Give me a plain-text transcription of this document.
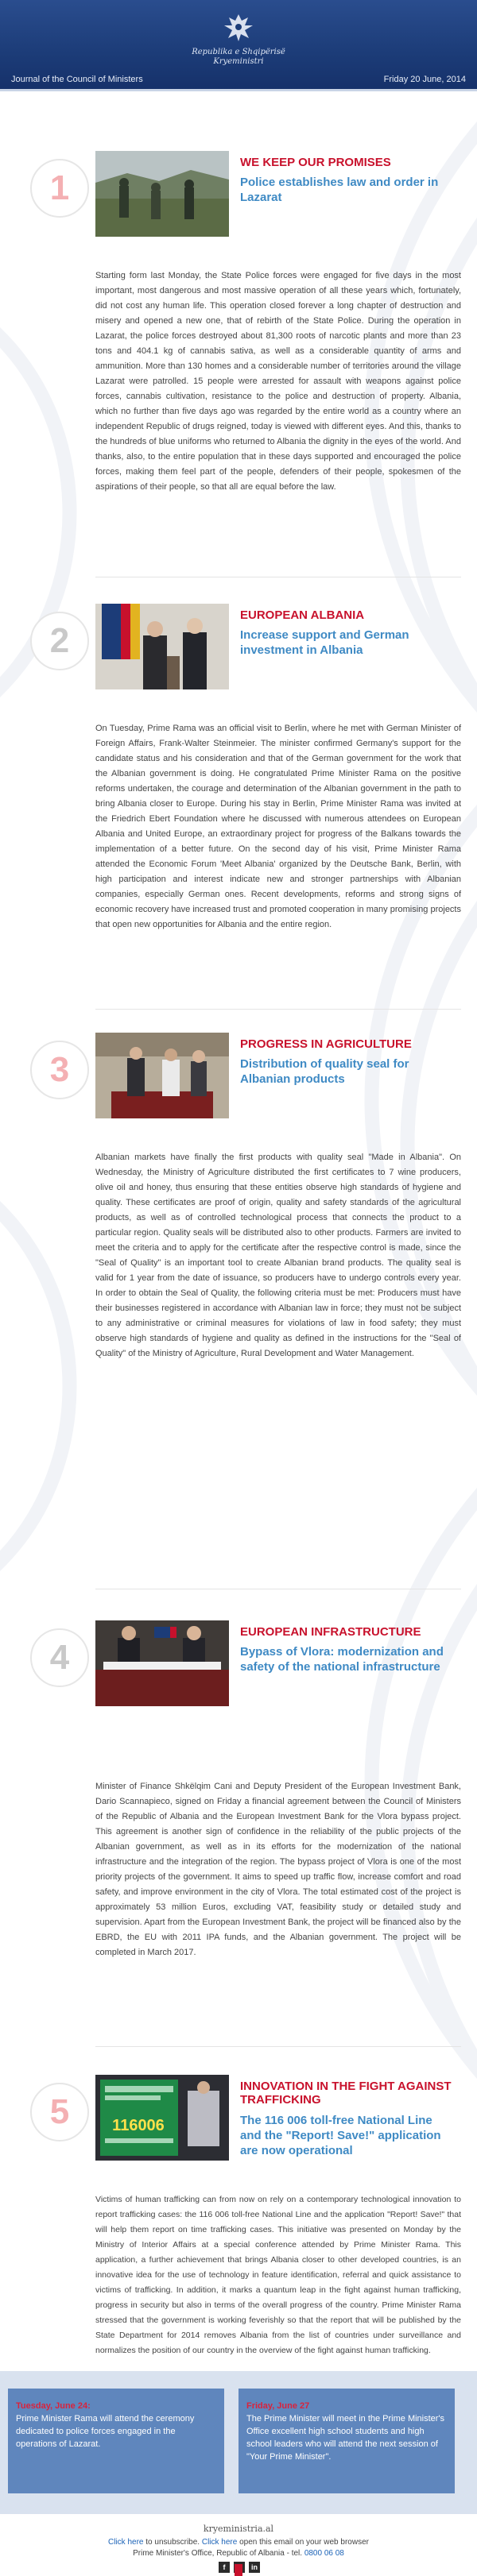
Republika e Shqipërisë
Kryeministri
Journal of the Council of Ministers	Friday 20 June, 2014
1
WE KEEP OUR PROMISES
Police establishes law and order in Lazarat
Starting form last Monday, the State Police forces were engaged for five days in the most important, most dangerous and most massive operation of all these years which, fortunately, did not cost any human life. This operation closed forever a long chapter of destruction and misery and opened a new one, that of rebirth of the State Police. During the operation in Lazarat, the police forces destroyed about 81,300 roots of narcotic plants and more than 23 tons and 404.1 kg of cannabis sativa, as well as a considerable quantity of arms and ammunition. More than 130 homes and a considerable number of territories around the village Lazarat were patrolled. 15 people were arrested for assault with weapons against police forces, cannabis cultivation, resistance to the police and destruction of property. Albania, which no further than five days ago was regarded by the entire world as a country where an independent Republic of drugs reigned, today is viewed with different eyes. And this, thanks to the hundreds of blue uniforms who returned to Albania the dignity in the eyes of the world. And thanks, also, to the entire population that in these days supported and encouraged the police forces, making them feel part of the people, defenders of their people, spokesmen of the aspirations of their people, so that all are equal before the law.
2
EUROPEAN ALBANIA
Increase support and German investment in Albania
On Tuesday, Prime Rama was an official visit to Berlin, where he met with German Minister of Foreign Affairs, Frank-Walter Steinmeier. The minister confirmed Germany's support for the candidate status and his consideration and that of the German government for the work that the Albanian government is doing. He congratulated Prime Minister Rama on the positive reforms undertaken, the courage and determination of the Albanian government in the path to bring Albania closer to Europe. During his stay in Berlin, Prime Minister Rama was invited at the Friedrich Ebert Foundation where he discussed with numerous attendees on European Albania and United Europe, an extraordinary project for progress of the Balkans towards the implementation of a better future. On the second day of his visit, Prime Minister Rama attended the Economic Forum 'Meet Albania' organized by the Deutsche Bank, Berlin, with high participation and interest indicate new and stronger partnerships with Albanian companies, especially German ones. Recent developments, reforms and strong signs of economic recovery have increased trust and promoted cooperation in many promising projects that open new opportunities for Albania and the entire region.
3
PROGRESS IN AGRICULTURE
Distribution of quality seal for Albanian products
Albanian markets have finally the first products with quality seal "Made in Albania". On Wednesday, the Ministry of Agriculture distributed the first certificates to 7 wine producers, olive oil and honey, thus ensuring that these entities observe high standards of hygiene and quality. These certificates are proof of origin, quality and safety standards of the agricultural products, as well as of controlled technological process that connects the product to a particular region. Quality seals will be distributed also to other products. Farmers are invited to meet the criteria and to apply for the certificate after the respective control is made, since the "Seal of Quality" is an important tool to create Albanian brand products. The quality seal is valid for 1 year from the date of issuance, so producers have to undergo controls every year. In order to obtain the Seal of Quality, the following criteria must be met: Producers must have their businesses registered in accordance with Albanian law in force; they must not be subject to any administrative or criminal measures for violations of law in food safety; they must observe high standards of hygiene and quality as defined in the instructions for the "Seal of Quality" of the Ministry of Agriculture, Rural Development and Water Management.
4
EUROPEAN INFRASTRUCTURE
Bypass of Vlora: modernization and safety of the national infrastructure
Minister of Finance Shkëlqim Cani and Deputy President of the European Investment Bank, Dario Scannapieco, signed on Friday a financial agreement between the Council of Ministers of the Republic of Albania and the European Investment Bank for the Vlora bypass project. This agreement is another sign of confidence in the reliability of the public projects of the Albanian government, as well as in its efforts for the modernization of the national infrastructure and the integration of the region. The bypass project of Vlora is one of the most priority projects of the government. It aims to speed up traffic flow, increase comfort and road safety, and improve environment in the city of Vlora. The total estimated cost of the project is approximately 53 million Euros, excluding VAT, feasibility study or detailed study and supervision. Apart from the European Investment Bank, the project will be financed also by the EBRD, the EU with 2011 IPA funds, and the Albanian government. The project will be completed in March 2017.
5	116006
INNOVATION IN THE FIGHT AGAINST TRAFFICKING
The 116 006 toll-free National Line and the "Report! Save!" application are now operational
Victims of human trafficking can from now on rely on a contemporary technological innovation to report trafficking cases: the 116 006 toll-free National Line and the application "Report! Save!" that will help them report on time trafficking cases. This initiative was presented on Monday by the Ministry of Interior Affairs at a special conference attended by Prime Minister Rama. This application, a further achievement that brings Albania closer to other developed countries, is an innovative idea for the use of technology in feature identification, referral and quick assistance to victims of trafficking. In addition, it marks a quantum leap in the fight against human trafficking, progress in security but also in terms of the overall progress of the country. Prime Minister Rama stressed that the government is working feverishly so that the report that will be published by the State Department for 2014 removes Albania from the list of countries under surveillance and normalizes the position of our country in the overview of the fight against human trafficking.
Tuesday, June 24:
Prime Minister Rama will attend the ceremony dedicated to police forces engaged in the operations of Lazarat.
Friday, June 27
The Prime Minister will meet in the Prime Minister's Office excellent high school students and high school leaders who will attend the next session of "Your Prime Minister".
kryeministria.al
Click here to unsubscribe. Click here open this email on your web browser
Prime Minister's Office, Republic of Albania - tel. 0800 06 08
f	in
